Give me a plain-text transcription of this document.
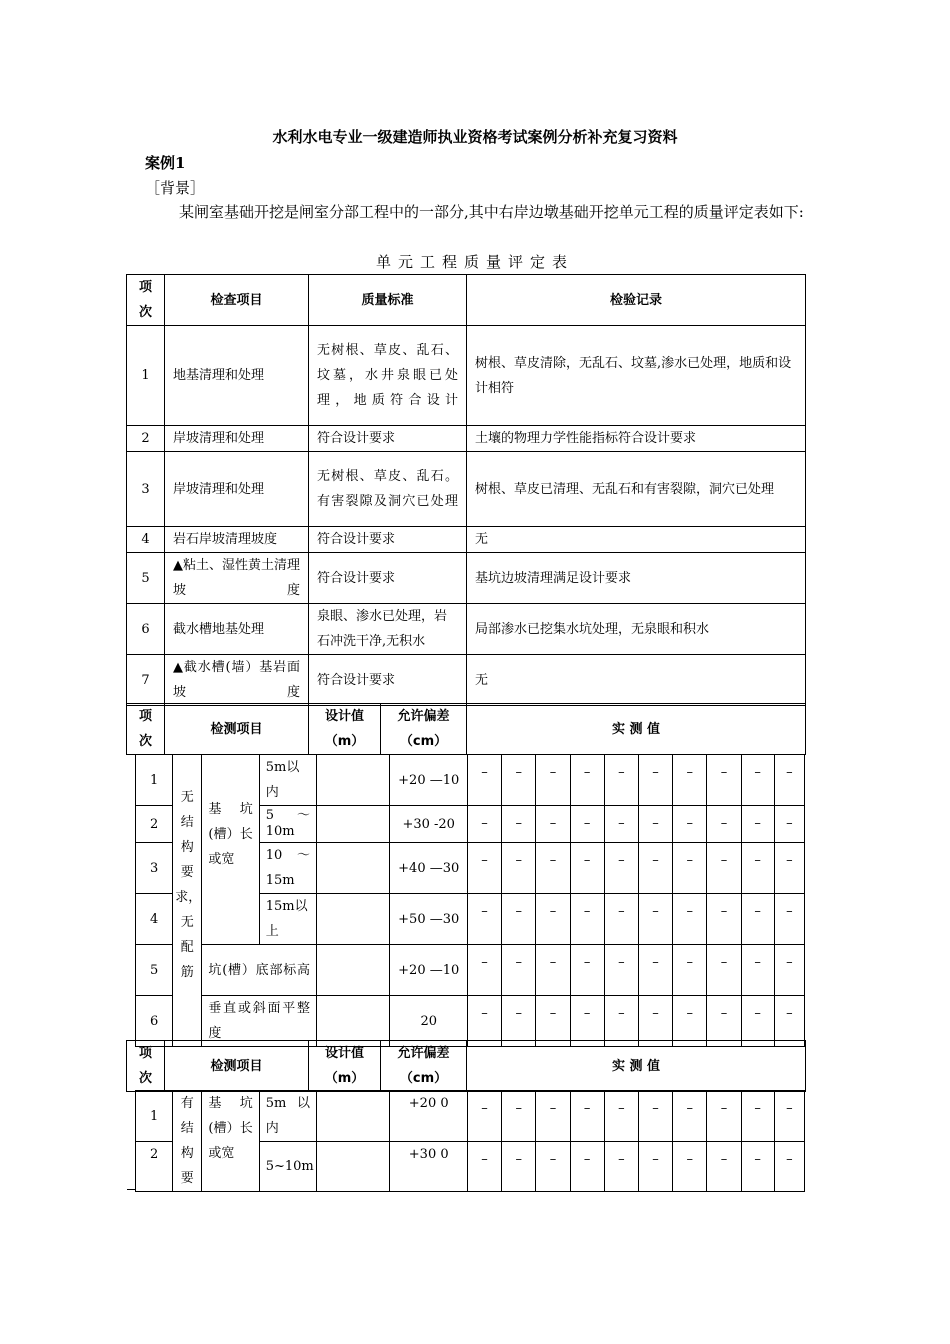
水利水电专业一级建造师执业资格考试案例分析补充复习资料
案例1
［背景］
某闸室基础开挖是闸室分部工程中的一部分,其中右岸边墩基础开挖单元工程的质量评定表如下:
单元工程质量评定表
项次	检查项目	质量标准	检验记录
1	地基清理和处理	无树根、草皮、乱石、坟墓，水井泉眼已处理，地质符合设计	树根、草皮清除，无乱石、坟墓,渗水已处理，地质和设计相符
2	岸坡清理和处理	符合设计要求	土壤的物理力学性能指标符合设计要求
3	岸坡清理和处理	无树根、草皮、乱石。有害裂隙及洞穴已处理	树根、草皮已清理、无乱石和有害裂隙，洞穴已处理
4	岩石岸坡清理坡度	符合设计要求	无
5	▲粘土、湿性黄土清理坡度	符合设计要求	基坑边坡清理满足设计要求
6	截水槽地基处理	泉眼、渗水已处理，岩石冲洗干净,无积水	局部渗水已挖集水坑处理，无泉眼和积水
7	▲截水槽(墙）基岩面坡度	符合设计要求	无
项次	检测项目	设计值（m）	允许偏差（cm）	实 测 值
1	无结构要求，无配筋	基坑(槽）长或宽	5m以内		+20 —10	–	–	–	–	–	–	–	–	–	–
2			5～10m		+30 -20	–	–	–	–	–	–	–	–	–	–
3			10～15m		+40 —30	–	–	–	–	–	–	–	–	–	–
4			15m以上		+50 —30	–	–	–	–	–	–	–	–	–	–
5		坑(槽）底部标高			+20 —10	–	–	–	–	–	–	–	–	–	–
6		垂直或斜面平整度			20	–	–	–	–	–	–	–	–	–	–
项次	检测项目	设计值（m）	允许偏差（cm）	实 测 值
1	有结构要	基坑(槽）长或宽	5m以内		+20 0	–	–	–	–	–	–	–	–	–	–
2			5~10m		+30 0	–	–	–	–	–	–	–	–	–	–
